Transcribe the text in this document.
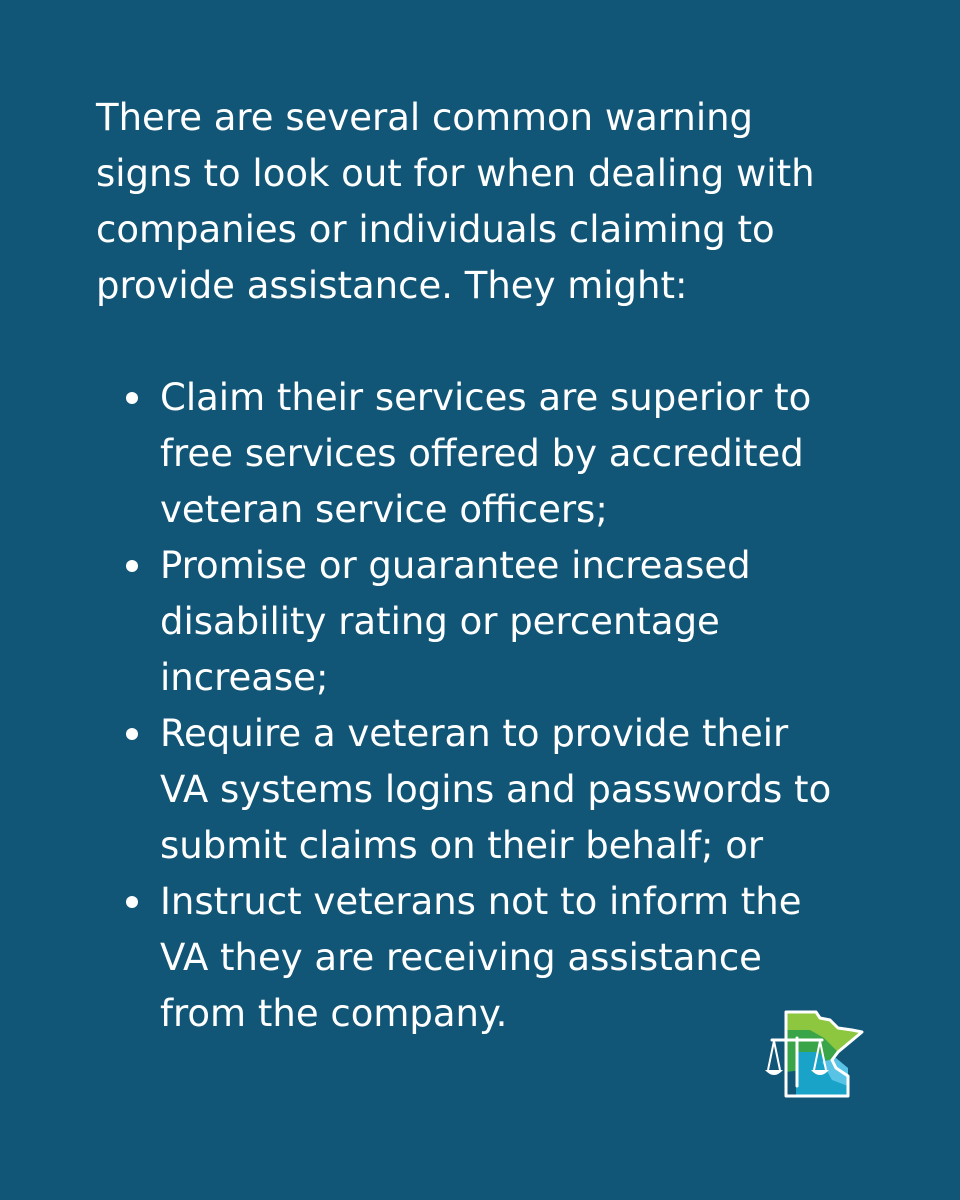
There are several common warning signs to look out for when dealing with companies or individuals claiming to provide assistance. They might:

Claim their services are superior to free services offered by accredited veteran service officers;
Promise or guarantee increased disability rating or percentage increase;
Require a veteran to provide their VA systems logins and passwords to submit claims on their behalf; or
Instruct veterans not to inform the VA they are receiving assistance from the company.
